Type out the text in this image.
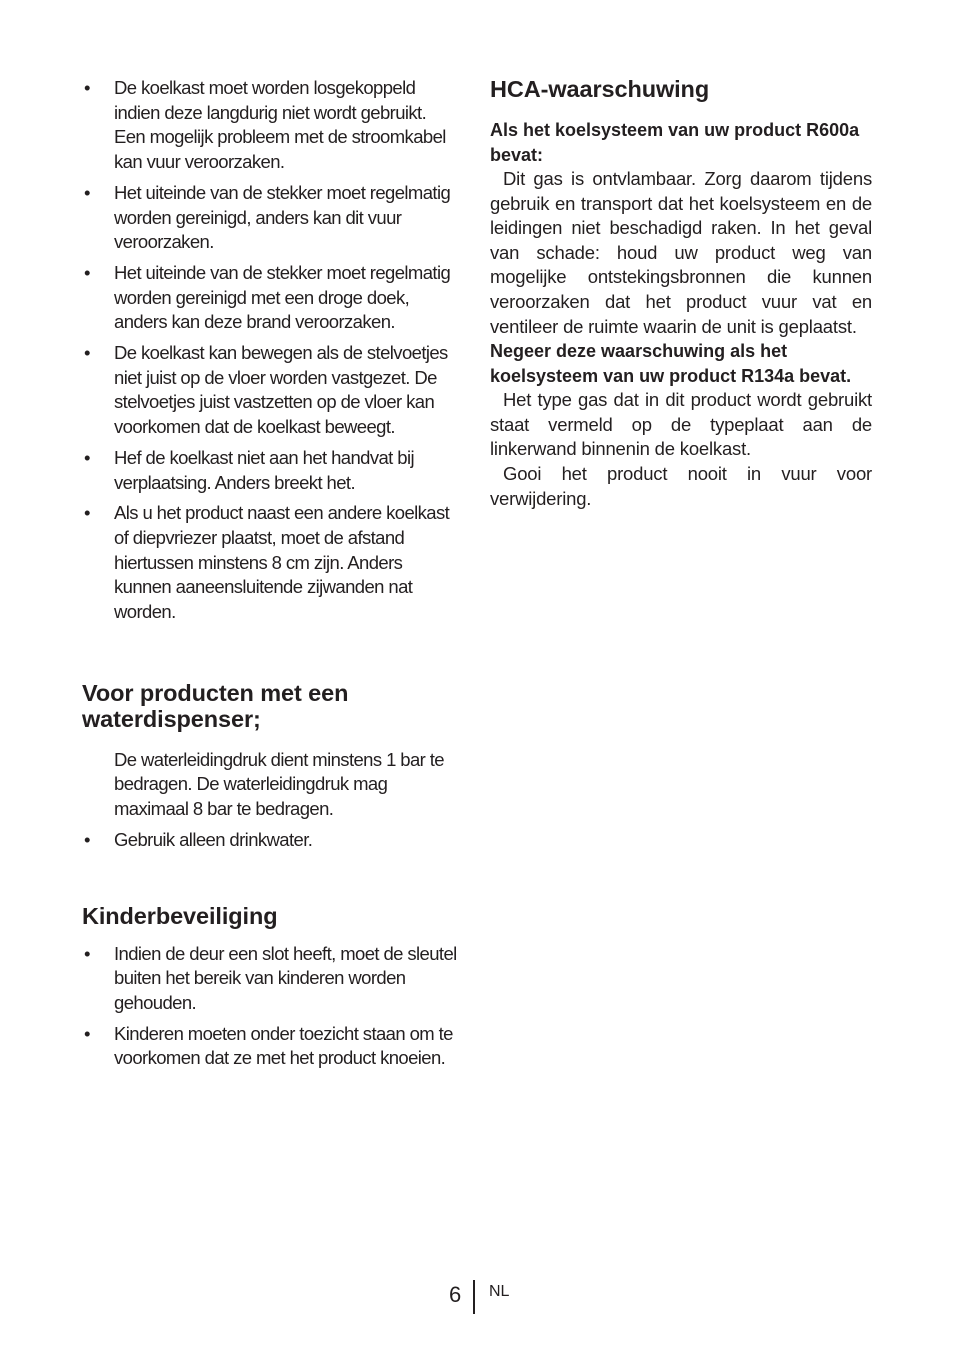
• De koelkast moet worden losgekoppeld indien deze langdurig niet wordt gebruikt. Een mogelijk probleem met de stroomkabel kan vuur veroorzaken.
• Het uiteinde van de stekker moet regelmatig worden gereinigd, anders kan dit vuur veroorzaken.
• Het uiteinde van de stekker moet regelmatig worden gereinigd met een droge doek, anders kan deze brand veroorzaken.
• De koelkast kan bewegen als de stelvoetjes niet juist op de vloer worden vastgezet. De stelvoetjes juist vastzetten op de vloer kan voorkomen dat de koelkast beweegt.
• Hef de koelkast niet aan het handvat bij verplaatsing. Anders breekt het.
• Als u het product naast een andere koelkast of diepvriezer plaatst, moet de afstand hiertussen minstens 8 cm zijn. Anders kunnen aaneensluitende zijwanden nat worden.
Voor producten met een waterdispenser;

De waterleidingdruk dient minstens 1 bar te bedragen. De waterleidingdruk mag maximaal 8 bar te bedragen.

• Gebruik alleen drinkwater.
Kinderbeveiliging
• Indien de deur een slot heeft, moet de sleutel buiten het bereik van kinderen worden gehouden.
• Kinderen moeten onder toezicht staan om te voorkomen dat ze met het product knoeien.
HCA-waarschuwing

Als het koelsysteem van uw product R600a bevat:

Dit gas is ontvlambaar. Zorg daarom tijdens gebruik en transport dat het koelsysteem en de leidingen niet beschadigd raken. In het geval van schade: houd uw product weg van mogelijke ontstekingsbronnen die kunnen veroorzaken dat het product vuur vat en ventileer de ruimte waarin de unit is geplaatst.

Negeer deze waarschuwing als het koelsysteem van uw product R134a bevat.

Het type gas dat in dit product wordt gebruikt staat vermeld op de typeplaat aan de linkerwand binnenin de koelkast.

Gooi het product nooit in vuur voor verwijdering.

6 NL
